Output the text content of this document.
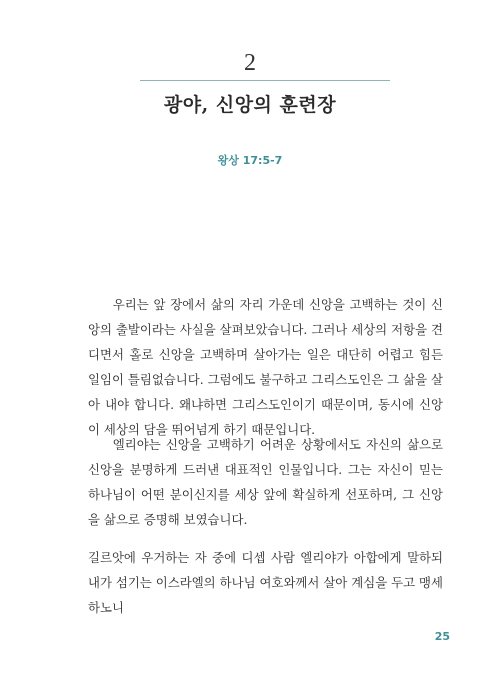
2
광야, 신앙의 훈련장
왕상 17:5-7

우리는 앞 장에서 삶의 자리 가운데 신앙을 고백하는 것이 신앙의 출발이라는 사실을 살펴보았습니다. 그러나 세상의 저항을 견디면서 홀로 신앙을 고백하며 살아가는 일은 대단히 어렵고 힘든 일임이 틀림없습니다. 그럼에도 불구하고 그리스도인은 그 삶을 살아 내야 합니다. 왜냐하면 그리스도인이기 때문이며, 동시에 신앙이 세상의 담을 뛰어넘게 하기 때문입니다.

엘리야는 신앙을 고백하기 어려운 상황에서도 자신의 삶으로 신앙을 분명하게 드러낸 대표적인 인물입니다. 그는 자신이 믿는 하나님이 어떤 분이신지를 세상 앞에 확실하게 선포하며, 그 신앙을 삶으로 증명해 보였습니다.

길르앗에 우거하는 자 중에 디셉 사람 엘리야가 아합에게 말하되 내가 섬기는 이스라엘의 하나님 여호와께서 살아 계심을 두고 맹세하노니

25
